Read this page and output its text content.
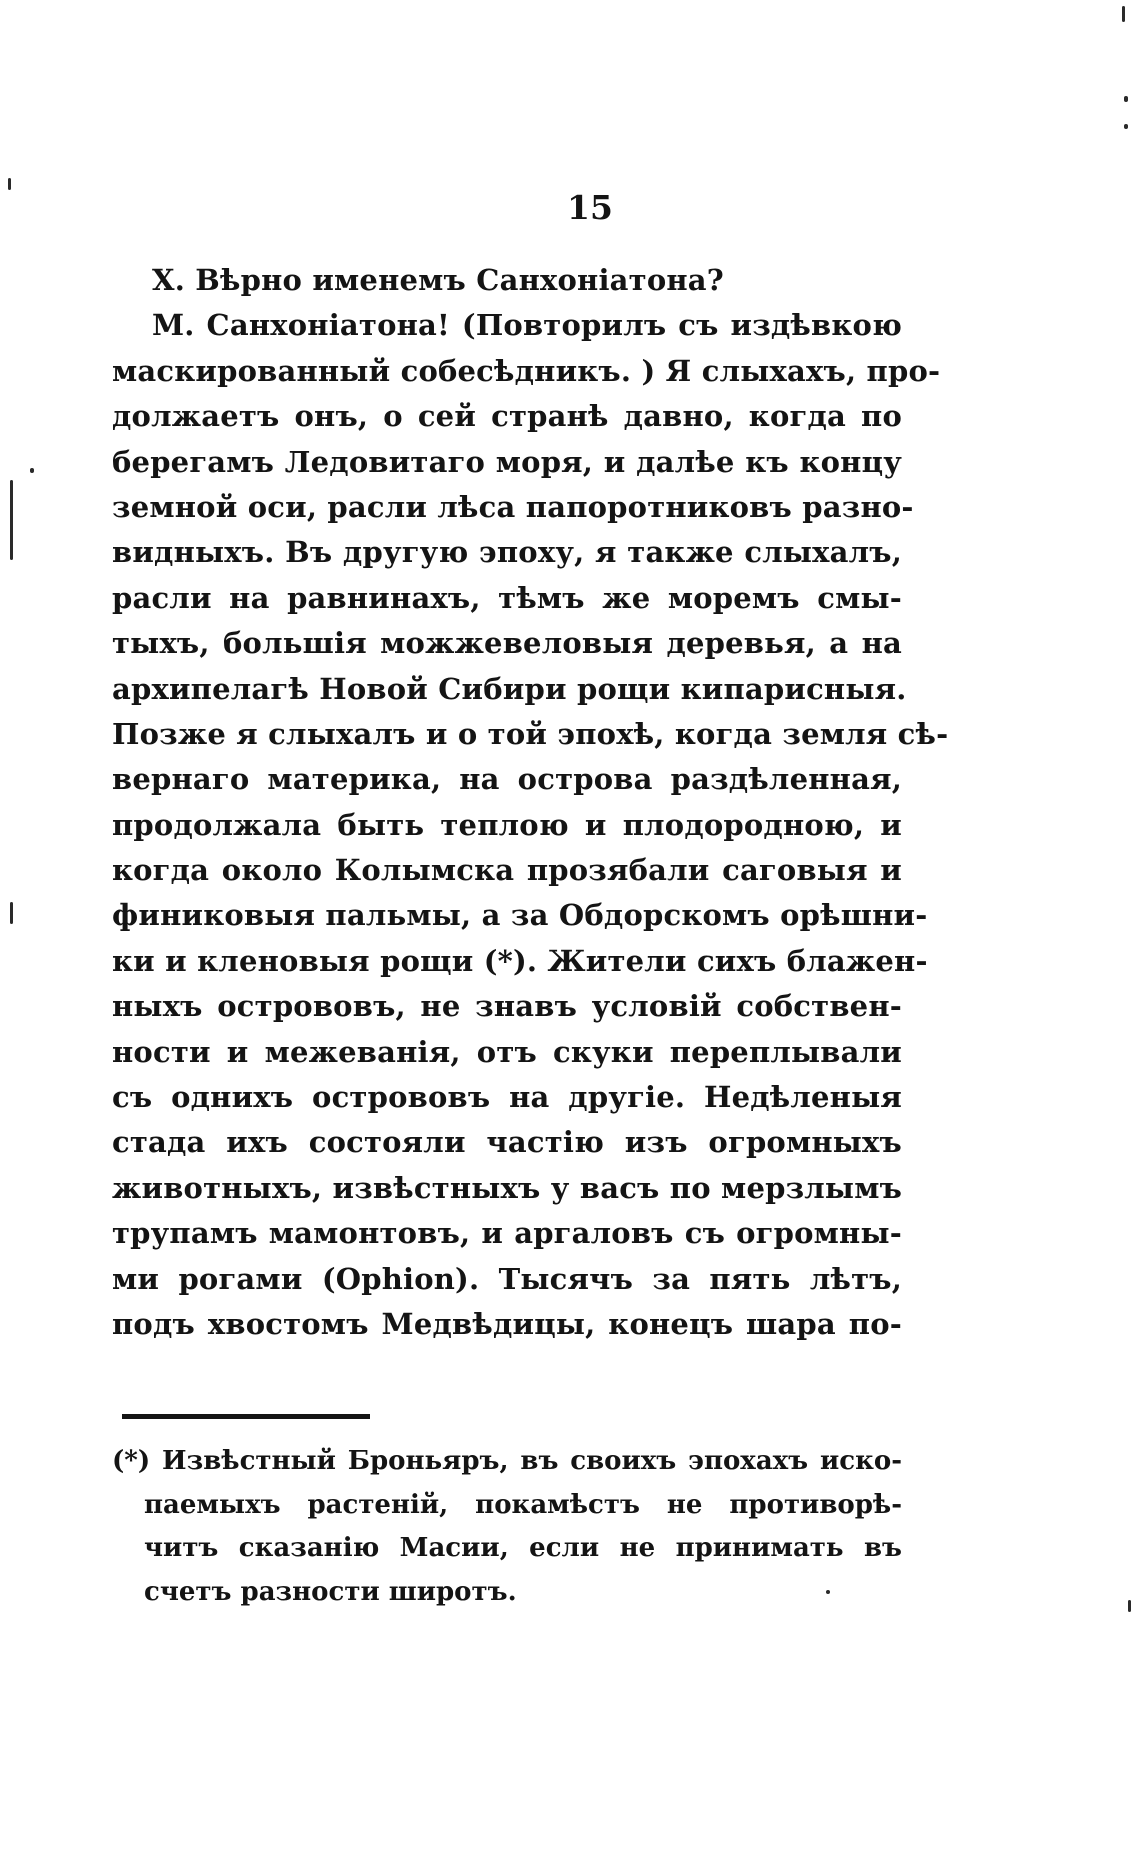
15
Х. Вѣрно именемъ Санхоніатона?
М. Санхоніатона! (Повторилъ съ издѣвкою
маскированный собесѣдникъ. ) Я слыхахъ, про-
должаетъ онъ, о сей странѣ давно, когда по
берегамъ Ледовитаго моря, и далѣе къ концу
земной оси, расли лѣса папоротниковъ разно-
видныхъ. Въ другую эпоху, я также слыхалъ,
расли на равнинахъ, тѣмъ же моремъ смы-
тыхъ, большія можжевеловыя деревья, а на
архипелагѣ Новой Сибири рощи кипарисныя.
Позже я слыхалъ и о той эпохѣ, когда земля сѣ-
вернаго материка, на острова раздѣленная,
продолжала быть теплою и плодородною, и
когда около Колымска прозябали саговыя и
финиковыя пальмы, а за Обдорскомъ орѣшни-
ки и кленовыя рощи (*). Жители сихъ блажен-
ныхъ острововъ, не знавъ условій собствен-
ности и межеванія, отъ скуки переплывали
съ однихъ острововъ на другіе. Недѣленыя
стада ихъ состояли частію изъ огромныхъ
животныхъ, извѣстныхъ у васъ по мерзлымъ
трупамъ мамонтовъ, и аргаловъ съ огромны-
ми рогами (Ophion). Тысячъ за пять лѣтъ,
подъ хвостомъ Медвѣдицы, конецъ шара по-
(*) Извѣстный Броньяръ, въ своихъ эпохахъ иско-
паемыхъ растеній, покамѣстъ не противорѣ-
читъ сказанію Масии, если не принимать въ
счетъ разности широтъ.
